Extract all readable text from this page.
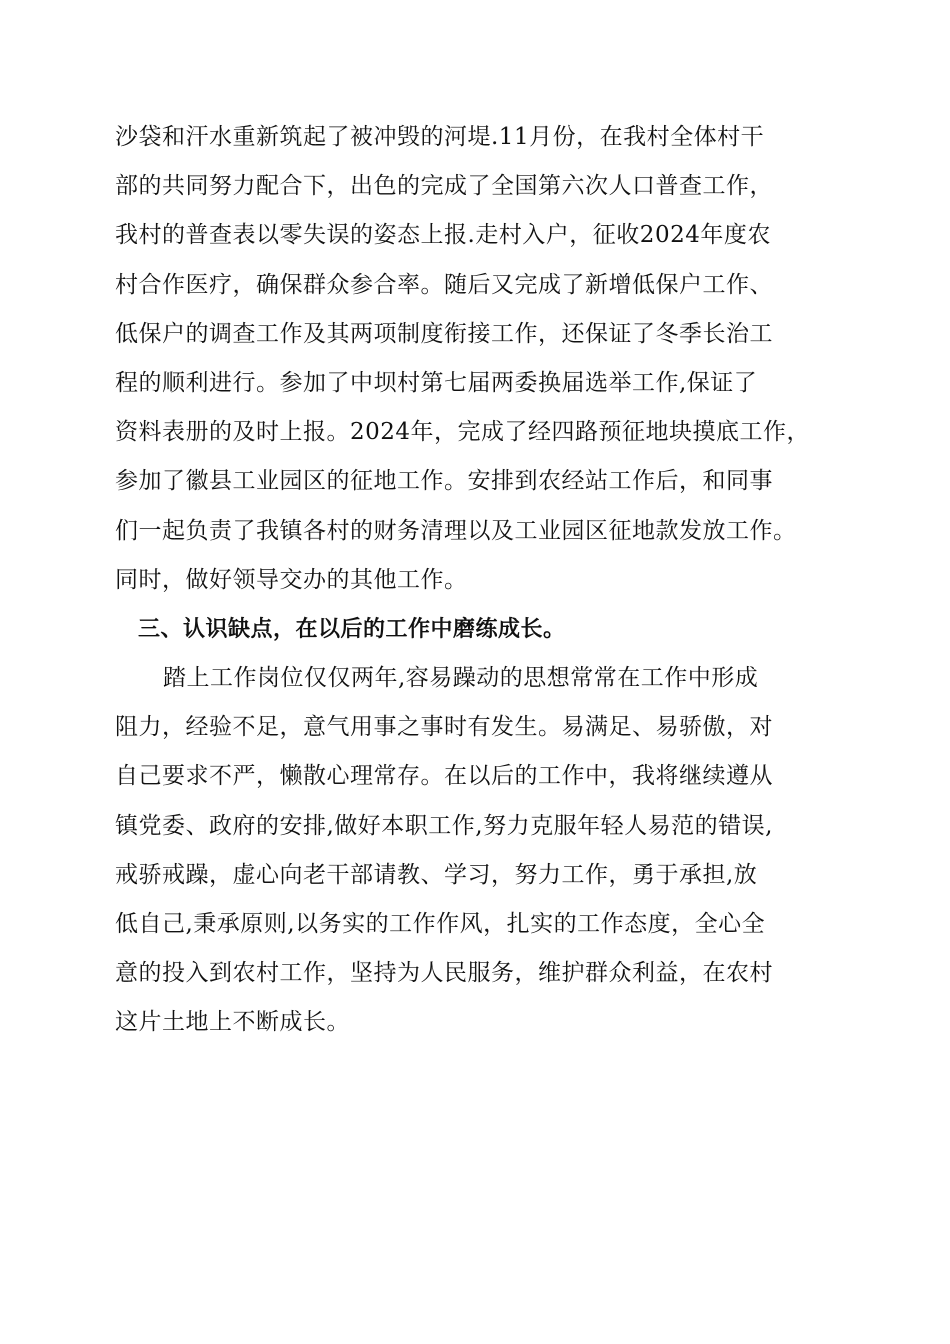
沙袋和汗水重新筑起了被冲毁的河堤.11月份，在我村全体村干
部的共同努力配合下，出色的完成了全国第六次人口普查工作，
我村的普查表以零失误的姿态上报.走村入户，征收2024年度农
村合作医疗，确保群众参合率。随后又完成了新增低保户工作、
低保户的调查工作及其两项制度衔接工作，还保证了冬季长治工
程的顺利进行。参加了中坝村第七届两委换届选举工作,保证了
资料表册的及时上报。2024年，完成了经四路预征地块摸底工作，
参加了徽县工业园区的征地工作。安排到农经站工作后，和同事
们一起负责了我镇各村的财务清理以及工业园区征地款发放工作。
同时，做好领导交办的其他工作。
三、认识缺点，在以后的工作中磨练成长。
踏上工作岗位仅仅两年,容易躁动的思想常常在工作中形成
阻力，经验不足，意气用事之事时有发生。易满足、易骄傲，对
自己要求不严，懒散心理常存。在以后的工作中，我将继续遵从
镇党委、政府的安排,做好本职工作,努力克服年轻人易范的错误,
戒骄戒躁，虚心向老干部请教、学习，努力工作，勇于承担,放
低自己,秉承原则,以务实的工作作风，扎实的工作态度，全心全
意的投入到农村工作，坚持为人民服务，维护群众利益，在农村
这片土地上不断成长。
